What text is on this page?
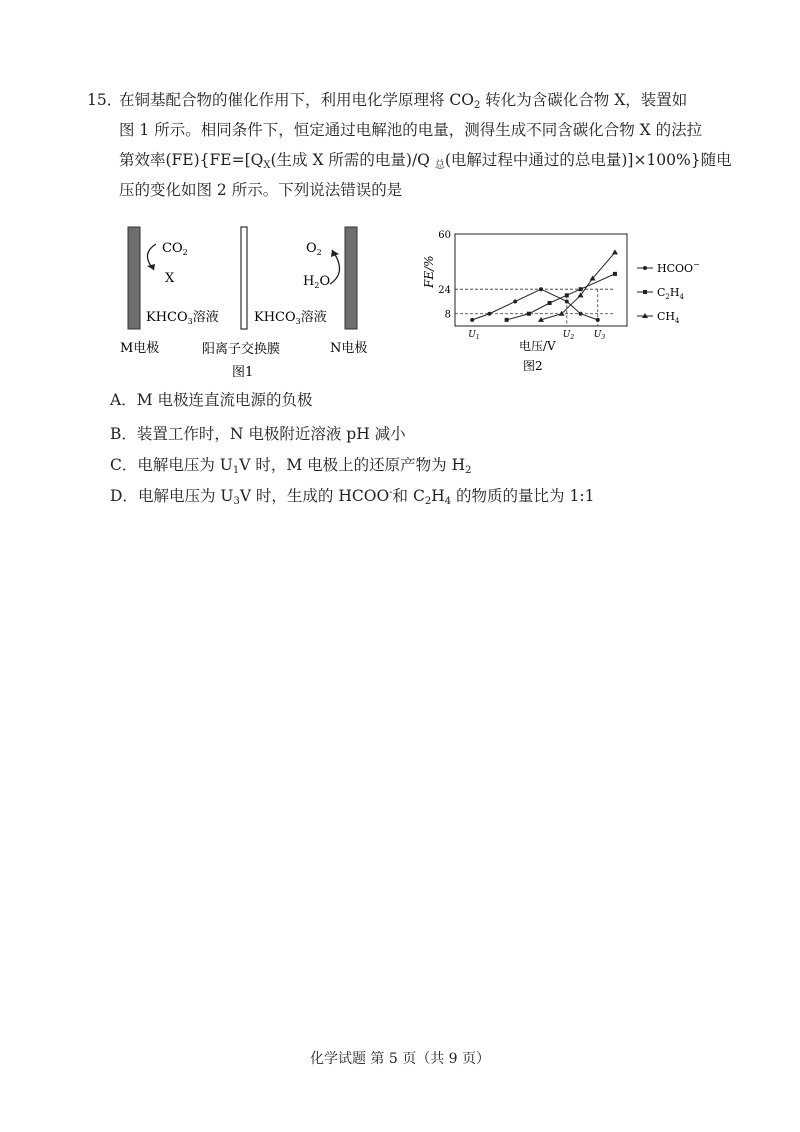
15．
在铜基配合物的催化作用下，利用电化学原理将 $CO_2$ 转化为含碳化合物 X，装置如
图 1 所示。相同条件下，恒定通过电解池的电量，测得生成不同含碳化合物 X 的法拉
第效率$(FE)\{FE=[Q_X$(生成 X 所需的电量)/Q $_总$(电解过程中通过的总电量)]×100%}随电
压的变化如图 2 所示。下列说法错误的是
$CO_2$
X
$O_2$
$H_2O$
$KHCO_3$溶液	$KHCO_3$溶液
M电极	阳离子交换膜	N电极
图1
8
24
60
$U_1$	$U_2$ $U_3$
FE/%
电压/V
图2
HCOO−
$C_2H_4$
$CH_4$
A．M 电极连直流电源的负极
B．装置工作时，N 电极附近溶液 pH 减小
C．电解电压为 $U_1V$ 时，M 电极上的还原产物为 $H_2$
D．电解电压为 $U_3V$ 时，生成的 HCOO-和 $C_2H_4$ 的物质的量比为 1:1
化学试题 第 5 页（共 9 页）
